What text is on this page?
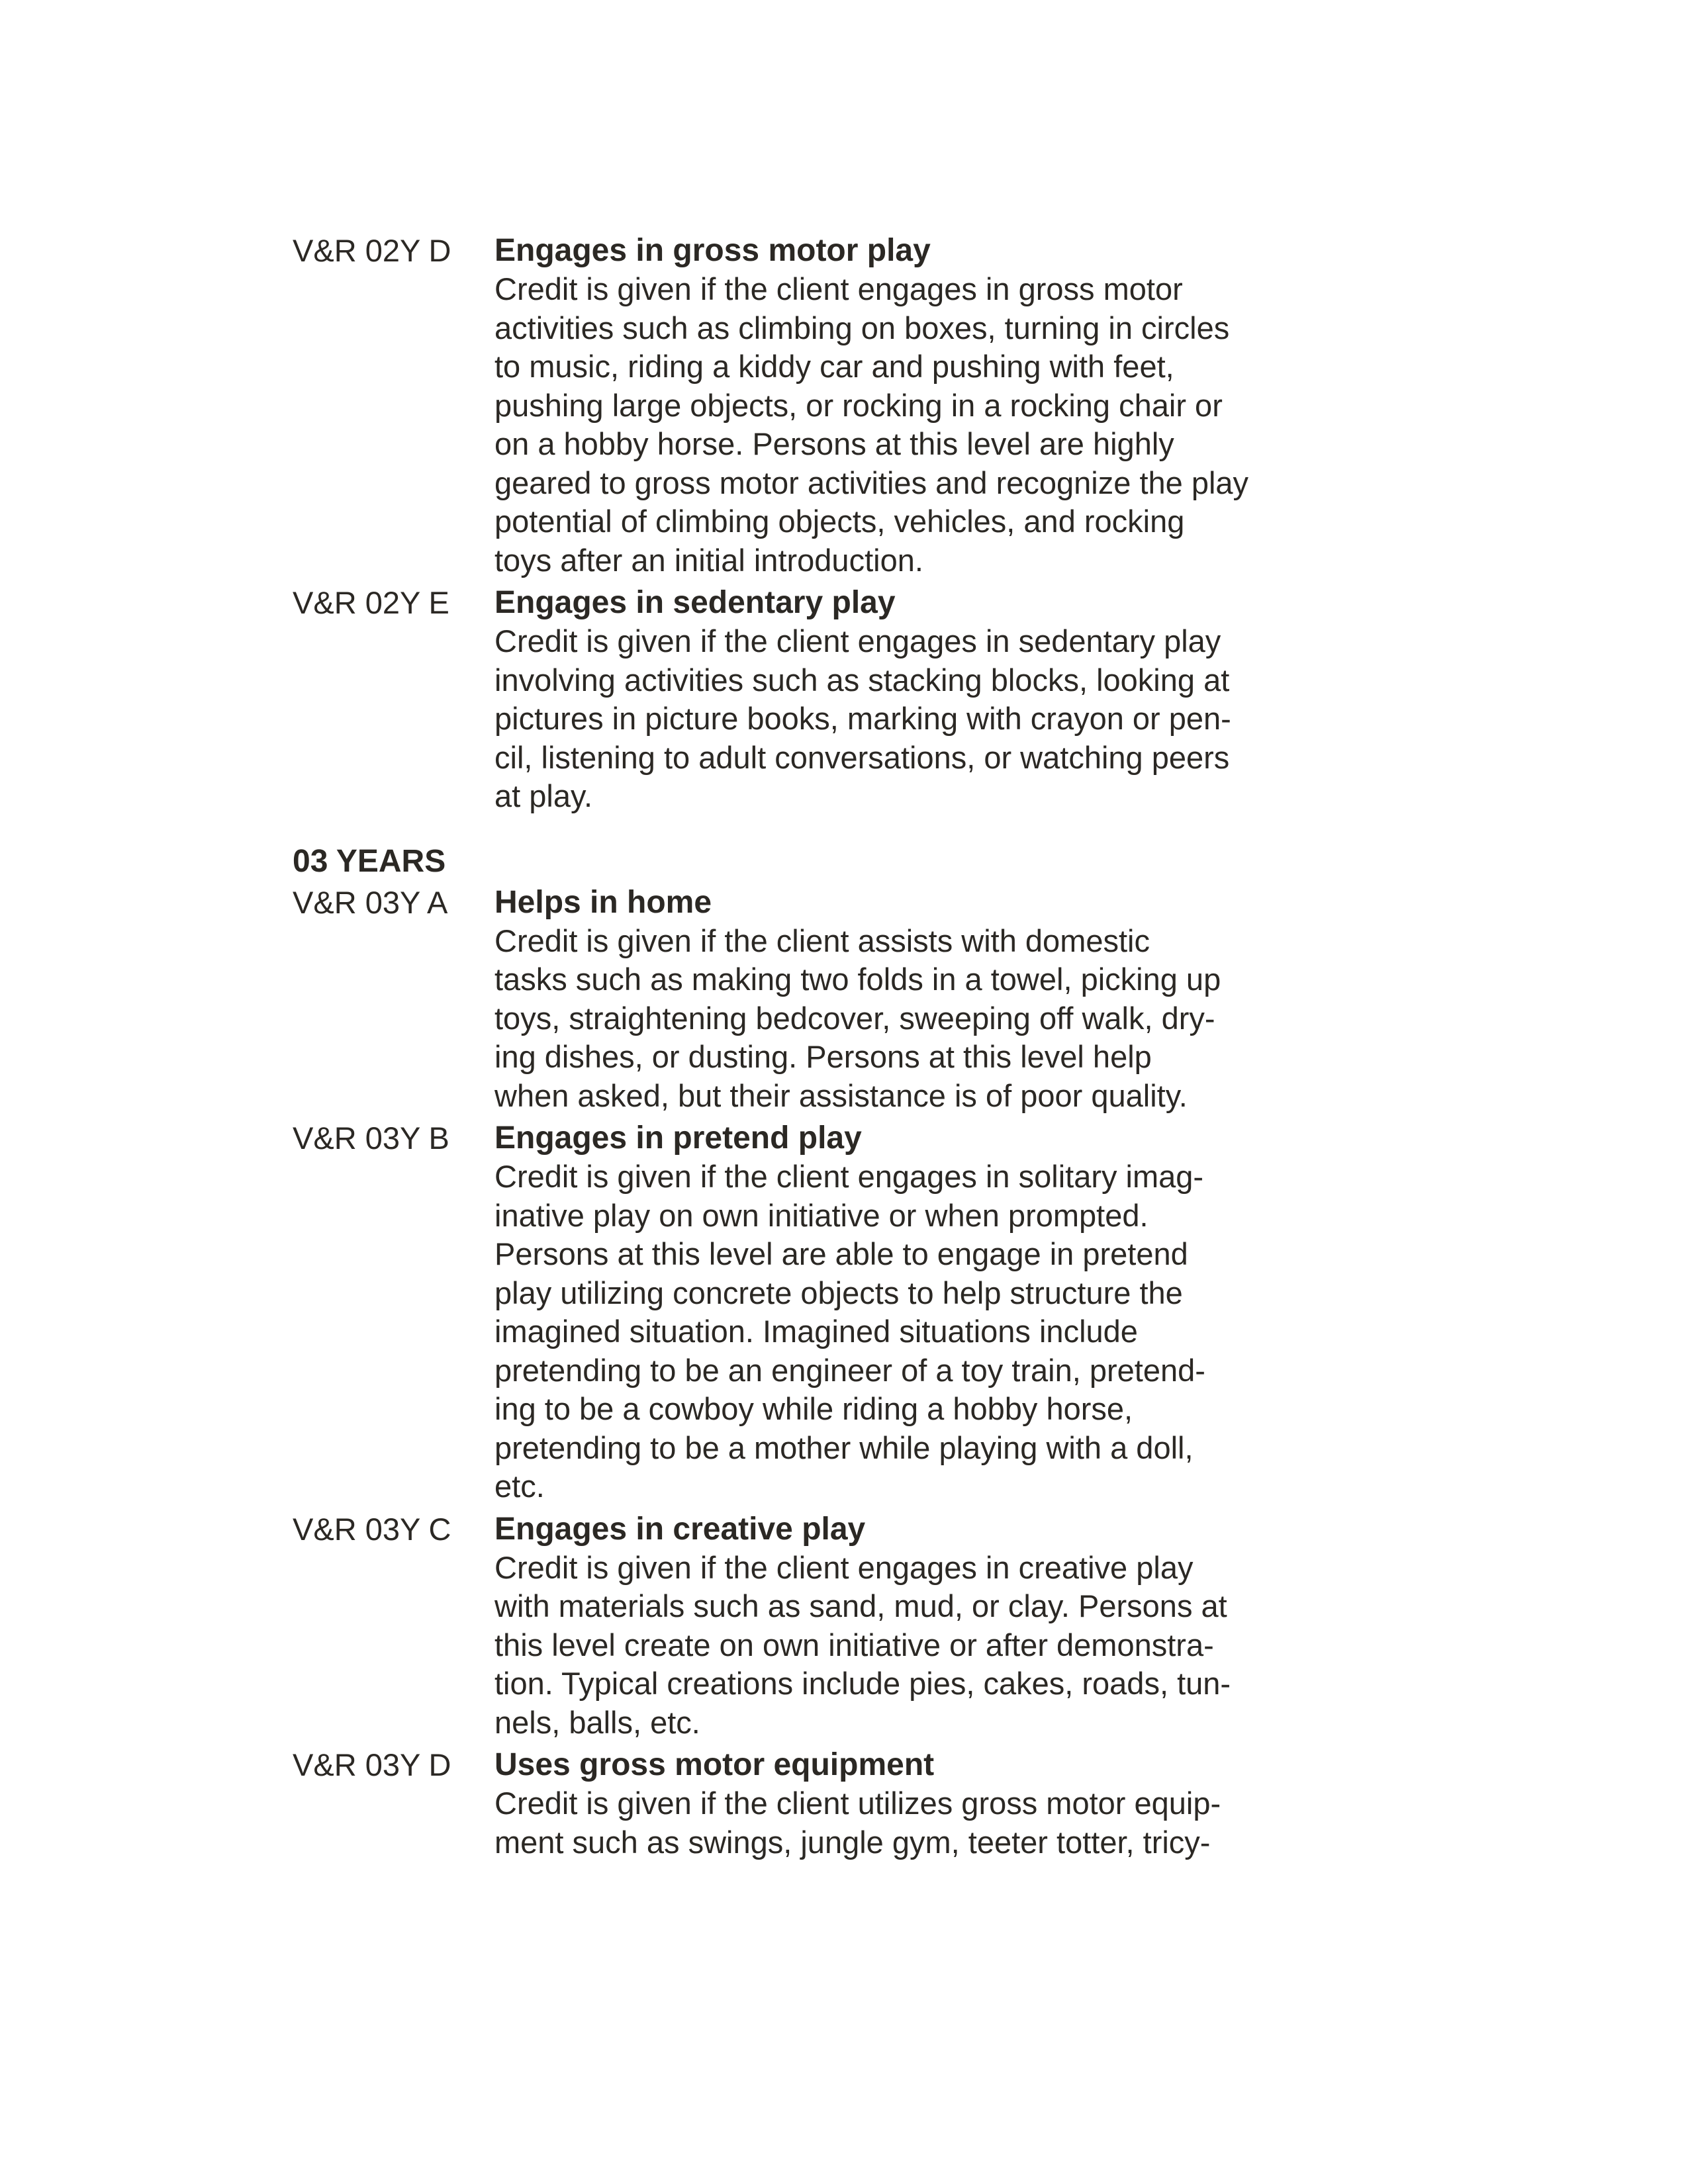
V&R 02Y D	Engages in gross motor play

Credit is given if the client engages in gross motor
activities such as climbing on boxes, turning in circles
to music, riding a kiddy car and pushing with feet,
pushing large objects, or rocking in a rocking chair or
on a hobby horse. Persons at this level are highly
geared to gross motor activities and recognize the play
potential of climbing objects, vehicles, and rocking
toys after an initial introduction.

V&R 02Y E	Engages in sedentary play

Credit is given if the client engages in sedentary play
involving activities such as stacking blocks, looking at
pictures in picture books, marking with crayon or pen-
cil, listening to adult conversations, or watching peers
at play.

03 YEARS
V&R 03Y A	Helps in home

Credit is given if the client assists with domestic
tasks such as making two folds in a towel, picking up
toys, straightening bedcover, sweeping off walk, dry-
ing dishes, or dusting. Persons at this level help
when asked, but their assistance is of poor quality.

V&R 03Y B	Engages in pretend play

Credit is given if the client engages in solitary imag-
inative play on own initiative or when prompted.
Persons at this level are able to engage in pretend
play utilizing concrete objects to help structure the
imagined situation. Imagined situations include
pretending to be an engineer of a toy train, pretend-
ing to be a cowboy while riding a hobby horse,
pretending to be a mother while playing with a doll,
etc.

V&R 03Y C	Engages in creative play

Credit is given if the client engages in creative play
with materials such as sand, mud, or clay. Persons at
this level create on own initiative or after demonstra-
tion. Typical creations include pies, cakes, roads, tun-
nels, balls, etc.

V&R 03Y D	Uses gross motor equipment

Credit is given if the client utilizes gross motor equip-
ment such as swings, jungle gym, teeter totter, tricy-
